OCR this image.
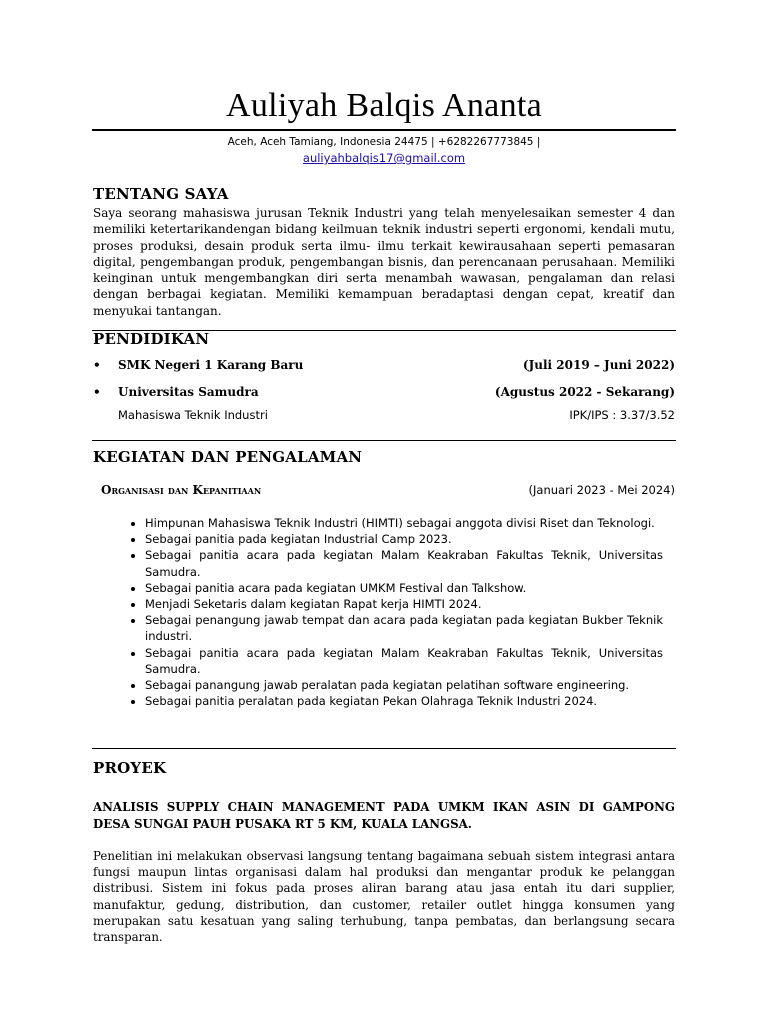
Auliyah Balqis Ananta
Aceh, Aceh Tamiang, Indonesia 24475 | +6282267773845 |
auliyahbalqis17@gmail.com
TENTANG SAYA
Saya seorang mahasiswa jurusan Teknik Industri yang telah menyelesaikan semester 4 dan memiliki ketertarikandengan bidang keilmuan teknik industri seperti ergonomi, kendali mutu, proses produksi, desain produk serta ilmu- ilmu terkait kewirausahaan seperti pemasaran digital, pengembangan produk, pengembangan bisnis, dan perencanaan perusahaan. Memiliki keinginan untuk mengembangkan diri serta menambah wawasan, pengalaman dan relasi dengan berbagai kegiatan. Memiliki kemampuan beradaptasi dengan cepat, kreatif dan menyukai tantangan.
PENDIDIKAN
• SMK Negeri 1 Karang Baru	(Juli 2019 – Juni 2022)
• Universitas Samudra	(Agustus 2022 - Sekarang)
Mahasiswa Teknik Industri	IPK/IPS : 3.37/3.52
KEGIATAN DAN PENGALAMAN
Organisasi dan Kepanitiaan	(Januari 2023 - Mei 2024)
• Himpunan Mahasiswa Teknik Industri (HIMTI) sebagai anggota divisi Riset dan Teknologi.
• Sebagai panitia pada kegiatan Industrial Camp 2023.
• Sebagai panitia acara pada kegiatan Malam Keakraban Fakultas Teknik, Universitas Samudra.
• Sebagai panitia acara pada kegiatan UMKM Festival dan Talkshow.
• Menjadi Seketaris dalam kegiatan Rapat kerja HIMTI 2024.
• Sebagai penangung jawab tempat dan acara pada kegiatan pada kegiatan Bukber Teknik industri.
• Sebagai panitia acara pada kegiatan Malam Keakraban Fakultas Teknik, Universitas Samudra.
• Sebagai panangung jawab peralatan pada kegiatan pelatihan software engineering.
• Sebagai panitia peralatan pada kegiatan Pekan Olahraga Teknik Industri 2024.
PROYEK
ANALISIS SUPPLY CHAIN MANAGEMENT PADA UMKM IKAN ASIN DI GAMPONG DESA SUNGAI PAUH PUSAKA RT 5 KM, KUALA LANGSA.
Penelitian ini melakukan observasi langsung tentang bagaimana sebuah sistem integrasi antara fungsi maupun lintas organisasi dalam hal produksi dan mengantar produk ke pelanggan distribusi. Sistem ini fokus pada proses aliran barang atau jasa entah itu dari supplier, manufaktur, gedung, distribution, dan customer, retailer outlet hingga konsumen yang merupakan satu kesatuan yang saling terhubung, tanpa pembatas, dan berlangsung secara transparan.
